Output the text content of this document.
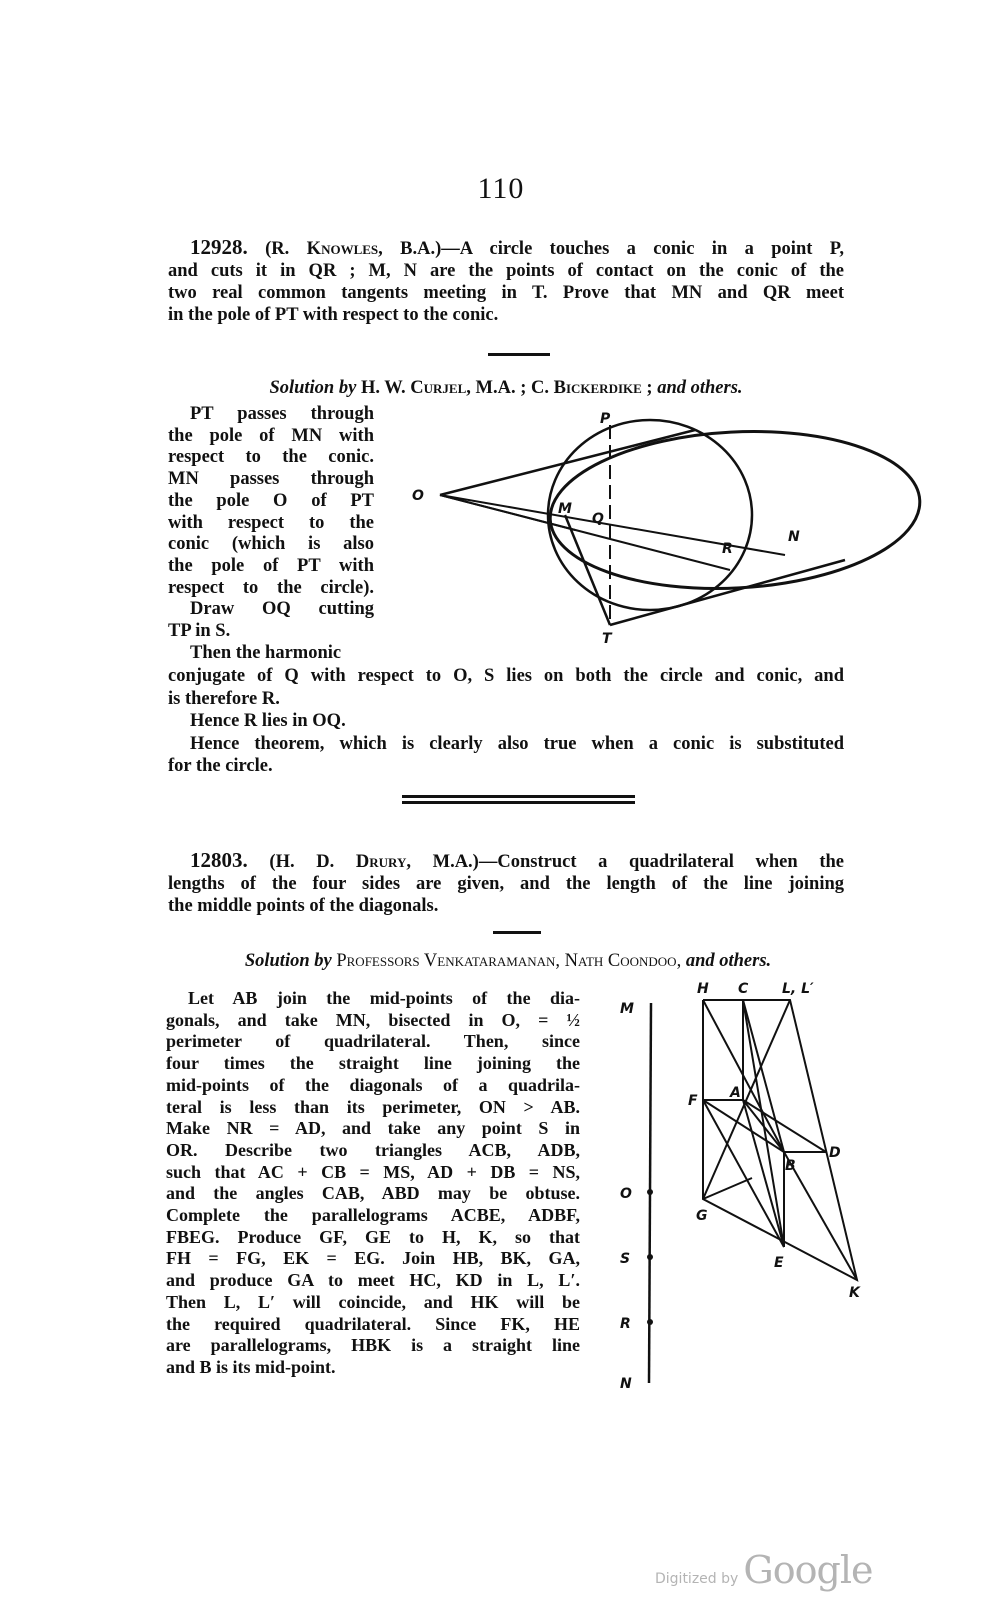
110
12928. (R. Knowles, B.A.)—A circle touches a conic in a point P,
and cuts it in QR ; M, N are the points of contact on the conic of the
two real common tangents meeting in T. Prove that MN and QR meet
in the pole of PT with respect to the conic.
Solution by H. W. Curjel, M.A. ; C. Bickerdike ; and others.
PT passes through
the pole of MN with
respect to the conic.
MN passes through
the pole O of PT
with respect to the
conic (which is also
the pole of PT with
respect to the circle).
Draw OQ cutting
TP in S.
Then the harmonic
O
P
M
Q
R
N
T
conjugate of Q with respect to O, S lies on both the circle and conic, and
is therefore R.
Hence R lies in OQ.
Hence theorem, which is clearly also true when a conic is substituted
for the circle.
12803. (H. D. Drury, M.A.)—Construct a quadrilateral when the
lengths of the four sides are given, and the length of the line joining
the middle points of the diagonals.
Solution by Professors Venkataramanan, Nath Coondoo, and others.
Let AB join the mid-points of the dia-
gonals, and take MN, bisected in O, = ½
perimeter of quadrilateral. Then, since
four times the straight line joining the
mid-points of the diagonals of a quadrila-
teral is less than its perimeter, ON > AB.
Make NR = AD, and take any point S in
OR. Describe two triangles ACB, ADB,
such that AC + CB = MS, AD + DB = NS,
and the angles CAB, ABD may be obtuse.
Complete the parallelograms ACBE, ADBF,
FBEG. Produce GF, GE to H, K, so that
FH = FG, EK = EG. Join HB, BK, GA,
and produce GA to meet HC, KD in L, L′.
Then L, L′ will coincide, and HK will be
the required quadrilateral. Since FK, HE
are parallelograms, HBK is a straight line
and B is its mid-point.
M
O
S
R
N
H C L, L′
F A
B
D
G
E
K
Digitized by Google
